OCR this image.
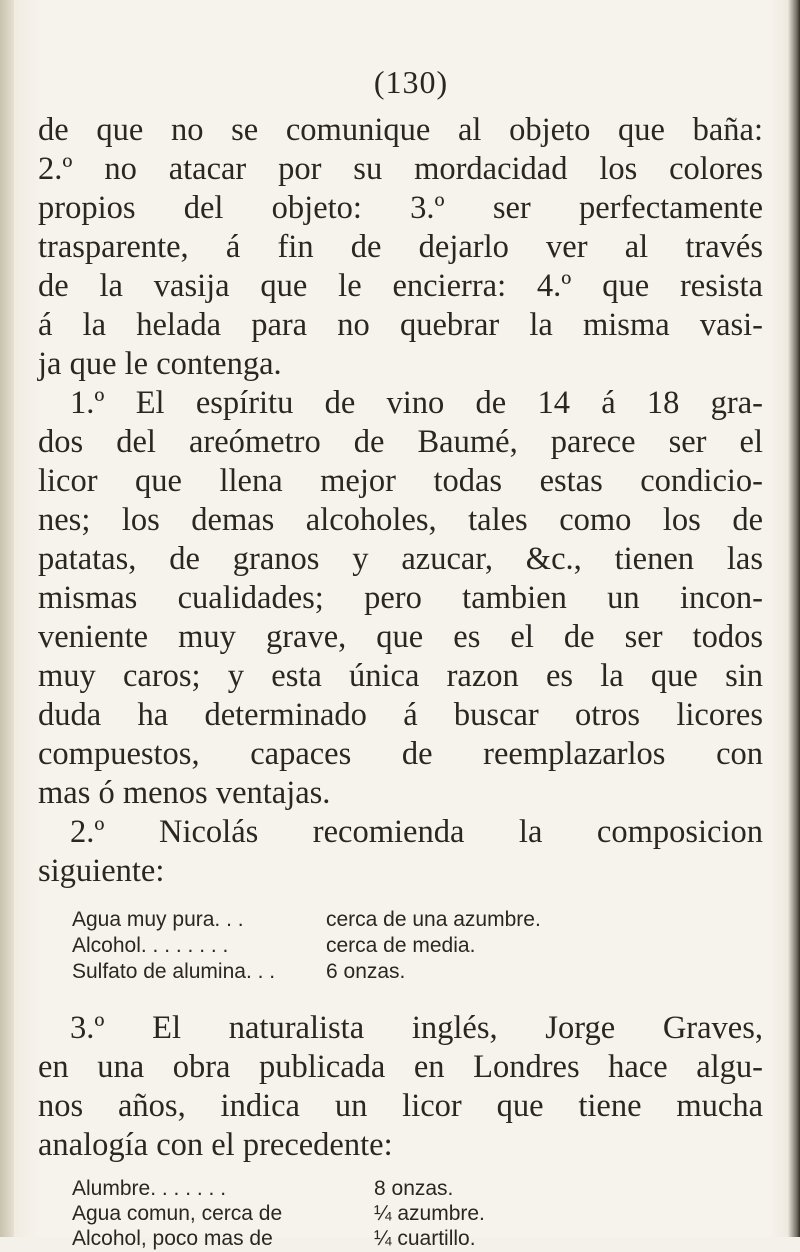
(130)
de que no se comunique al objeto que baña:
2.º no atacar por su mordacidad los colores
propios del objeto: 3.º ser perfectamente
trasparente, á fin de dejarlo ver al través
de la vasija que le encierra: 4.º que resista
á la helada para no quebrar la misma vasi-
ja que le contenga.
1.º El espíritu de vino de 14 á 18 gra-
dos del areómetro de Baumé, parece ser el
licor que llena mejor todas estas condicio-
nes; los demas alcoholes, tales como los de
patatas, de granos y azucar, &c., tienen las
mismas cualidades; pero tambien un incon-
veniente muy grave, que es el de ser todos
muy caros; y esta única razon es la que sin
duda ha determinado á buscar otros licores
compuestos, capaces de reemplazarlos con
mas ó menos ventajas.
2.º Nicolás recomienda la composicion
siguiente:
Agua muy pura. . .	cerca de una azumbre.
Alcohol. . . . . . . .	cerca de media.
Sulfato de alumina. . . 6 onzas.
3.º El naturalista inglés, Jorge Graves,
en una obra publicada en Londres hace algu-
nos años, indica un licor que tiene mucha
analogía con el precedente:
Alumbre. . . . . . .	8 onzas.
Agua comun, cerca de	¼ azumbre.
Alcohol, poco mas de	¼ cuartillo.
